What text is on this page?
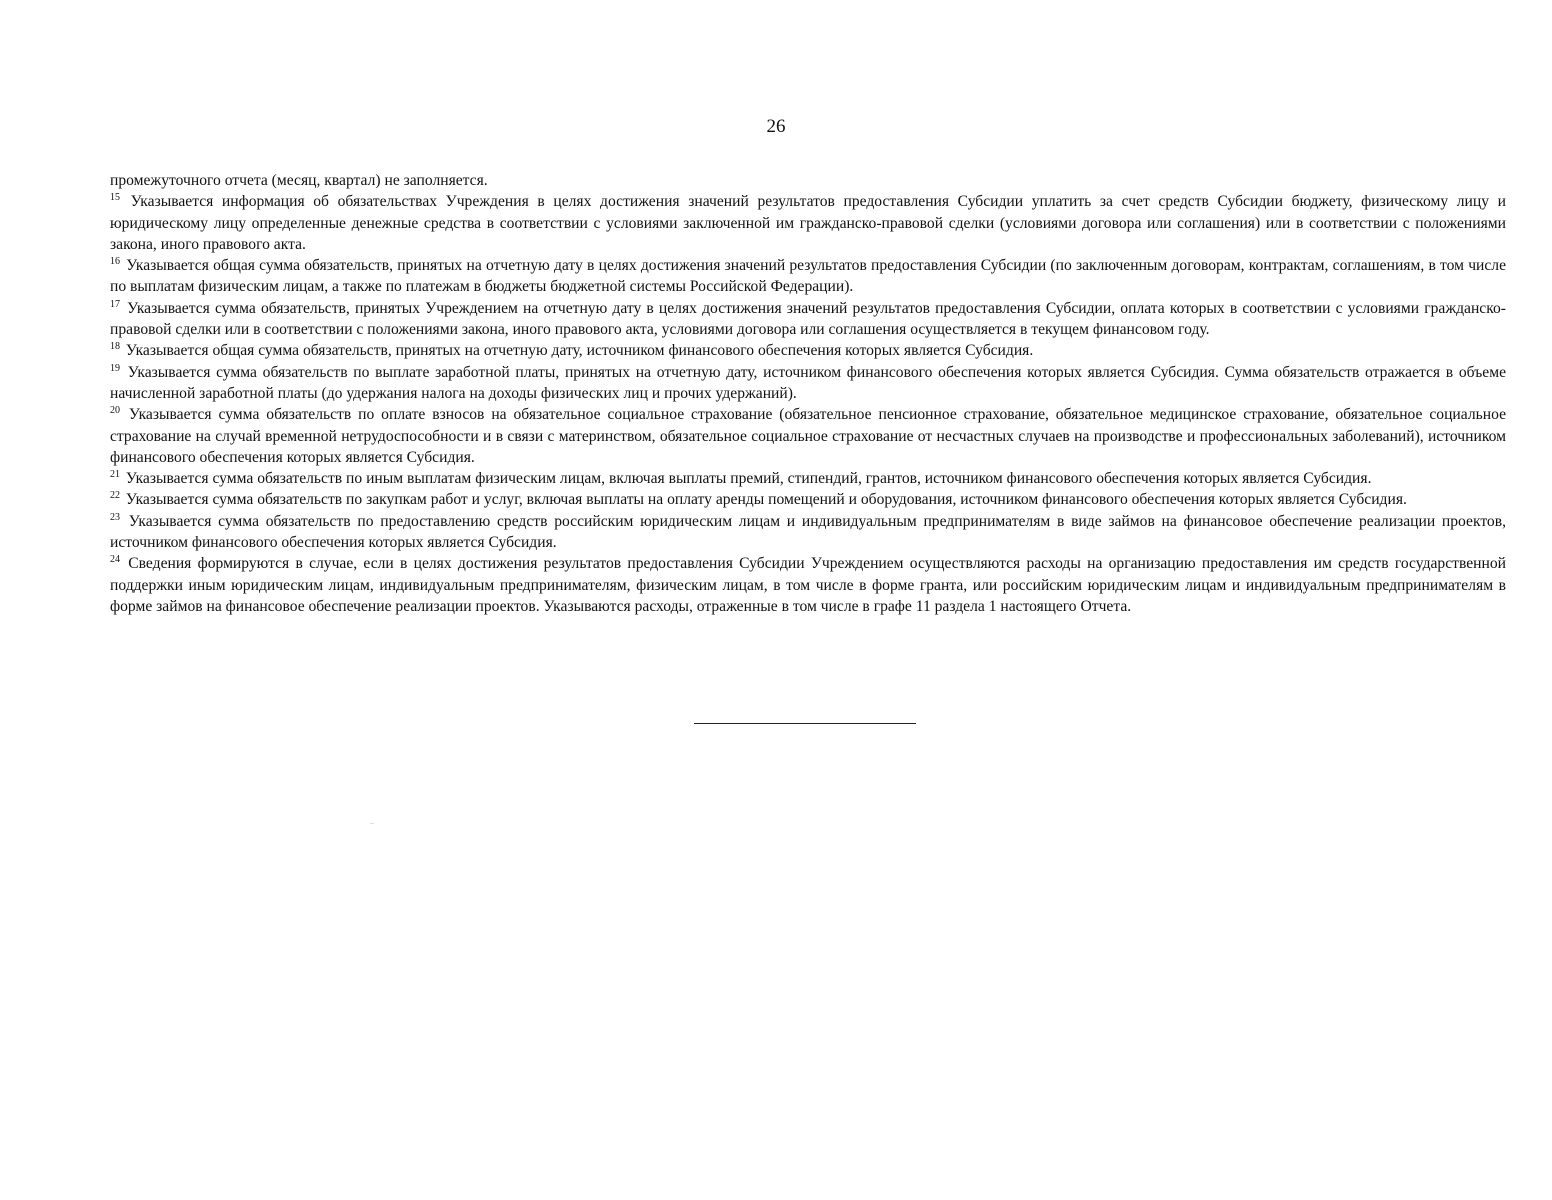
26

промежуточного отчета (месяц, квартал) не заполняется.

$^{15}$ Указывается информация об обязательствах Учреждения в целях достижения значений результатов предоставления Субсидии уплатить за счет средств Субсидии бюджету, физическому лицу и юридическому лицу определенные денежные средства в соответствии с условиями заключенной им гражданско-правовой сделки (условиями договора или соглашения) или в соответствии с положениями закона, иного правового акта.

$^{16}$ Указывается общая сумма обязательств, принятых на отчетную дату в целях достижения значений результатов предоставления Субсидии (по заключенным договорам, контрактам, соглашениям, в том числе по выплатам физическим лицам, а также по платежам в бюджеты бюджетной системы Российской Федерации).

$^{17}$ Указывается сумма обязательств, принятых Учреждением на отчетную дату в целях достижения значений результатов предоставления Субсидии, оплата которых в соответствии с условиями гражданско-правовой сделки или в соответствии с положениями закона, иного правового акта, условиями договора или соглашения осуществляется в текущем финансовом году.

$^{18}$ Указывается общая сумма обязательств, принятых на отчетную дату, источником финансового обеспечения которых является Субсидия.

$^{19}$ Указывается сумма обязательств по выплате заработной платы, принятых на отчетную дату, источником финансового обеспечения которых является Субсидия. Сумма обязательств отражается в объеме начисленной заработной платы (до удержания налога на доходы физических лиц и прочих удержаний).

$^{20}$ Указывается сумма обязательств по оплате взносов на обязательное социальное страхование (обязательное пенсионное страхование, обязательное медицинское страхование, обязательное социальное страхование на случай временной нетрудоспособности и в связи с материнством, обязательное социальное страхование от несчастных случаев на производстве и профессиональных заболеваний), источником финансового обеспечения которых является Субсидия.

$^{21}$ Указывается сумма обязательств по иным выплатам физическим лицам, включая выплаты премий, стипендий, грантов, источником финансового обеспечения которых является Субсидия.

$^{22}$ Указывается сумма обязательств по закупкам работ и услуг, включая выплаты на оплату аренды помещений и оборудования, источником финансового обеспечения которых является Субсидия.

$^{23}$ Указывается сумма обязательств по предоставлению средств российским юридическим лицам и индивидуальным предпринимателям в виде займов на финансовое обеспечение реализации проектов, источником финансового обеспечения которых является Субсидия.

$^{24}$ Сведения формируются в случае, если в целях достижения результатов предоставления Субсидии Учреждением осуществляются расходы на организацию предоставления им средств государственной поддержки иным юридическим лицам, индивидуальным предпринимателям, физическим лицам, в том числе в форме гранта, или российским юридическим лицам и индивидуальным предпринимателям в форме займов на финансовое обеспечение реализации проектов. Указываются расходы, отраженные в том числе в графе 11 раздела 1 настоящего Отчета.
